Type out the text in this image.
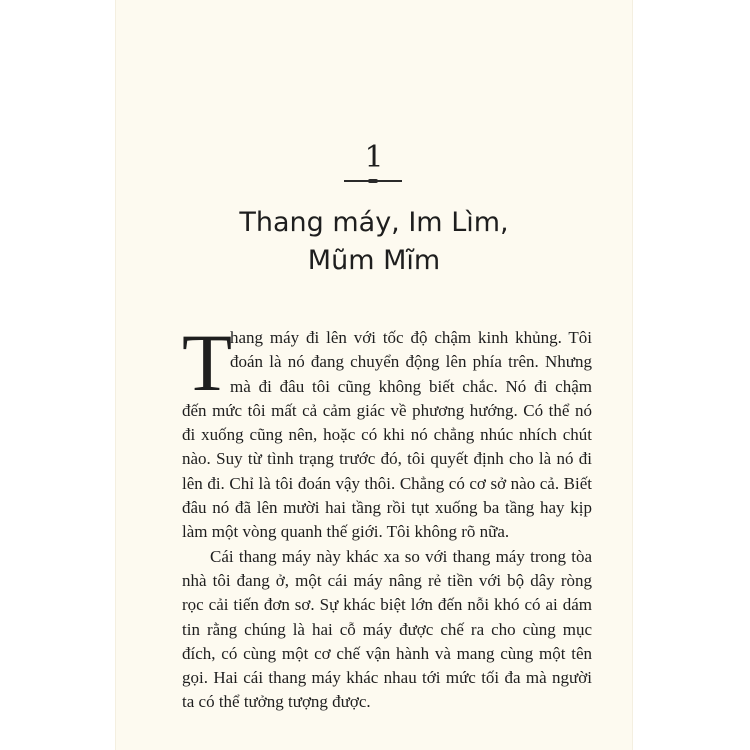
1
Thang máy, Im Lìm,
Mũm Mĩm
T
hang máy đi lên với tốc độ chậm kinh khủng. Tôi
đoán là nó đang chuyển động lên phía trên. Nhưng
mà đi đâu tôi cũng không biết chắc. Nó đi chậm
đến mức tôi mất cả cảm giác về phương hướng. Có thể nó
đi xuống cũng nên, hoặc có khi nó chẳng nhúc nhích chút
nào. Suy từ tình trạng trước đó, tôi quyết định cho là nó đi
lên đi. Chỉ là tôi đoán vậy thôi. Chẳng có cơ sở nào cả. Biết
đâu nó đã lên mười hai tầng rồi tụt xuống ba tầng hay kịp
làm một vòng quanh thế giới. Tôi không rõ nữa.
Cái thang máy này khác xa so với thang máy trong tòa
nhà tôi đang ở, một cái máy nâng rẻ tiền với bộ dây ròng
rọc cải tiến đơn sơ. Sự khác biệt lớn đến nỗi khó có ai dám
tin rằng chúng là hai cỗ máy được chế ra cho cùng mục
đích, có cùng một cơ chế vận hành và mang cùng một tên
gọi. Hai cái thang máy khác nhau tới mức tối đa mà người
ta có thể tưởng tượng được.
